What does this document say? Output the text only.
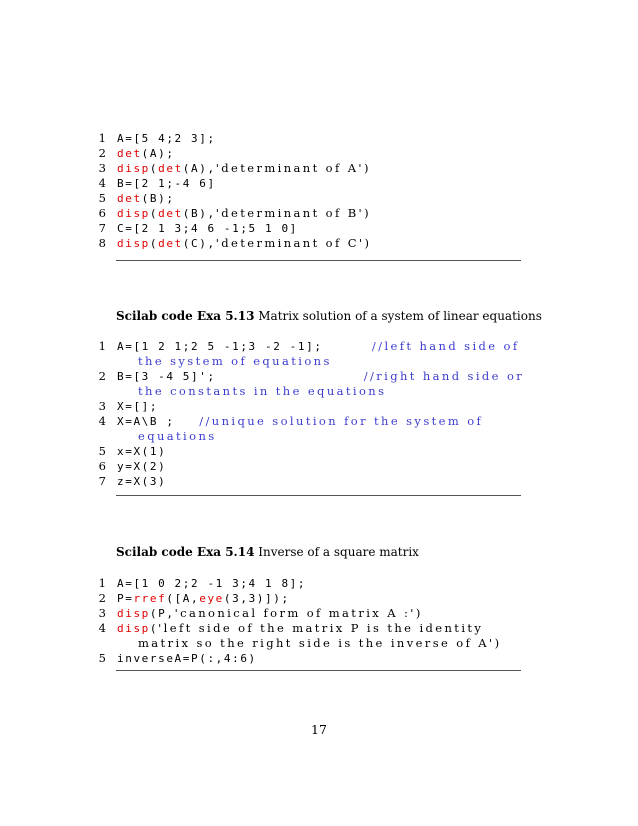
1 A=[5 4;2 3];
2 det(A);
3 disp(det(A),'determinant of A')
4 B=[2 1;-4 6]
5 det(B);
6 disp(det(B),'determinant of B')
7 C=[2 1 3;4 6 -1;5 1 0]
8 disp(det(C),'determinant of C')
Scilab code Exa 5.13 Matrix solution of a system of linear equations
1 A=[1 2 1;2 5 -1;3 -2 -1];      //left hand side of
the system of equations
2 B=[3 -4 5]';                  //right hand side or
the constants in the equations
3 X=[];
4 X=A\B ;   //unique solution for the system of
equations
5 x=X(1)
6 y=X(2)
7 z=X(3)
Scilab code Exa 5.14 Inverse of a square matrix
1 A=[1 0 2;2 -1 3;4 1 8];
2 P=rref([A,eye(3,3)]);
3 disp(P,'canonical form of matrix A :')
4 disp('left side of the matrix P is the identity
matrix so the right side is the inverse of A')
5 inverseA=P(:,4:6)
17
